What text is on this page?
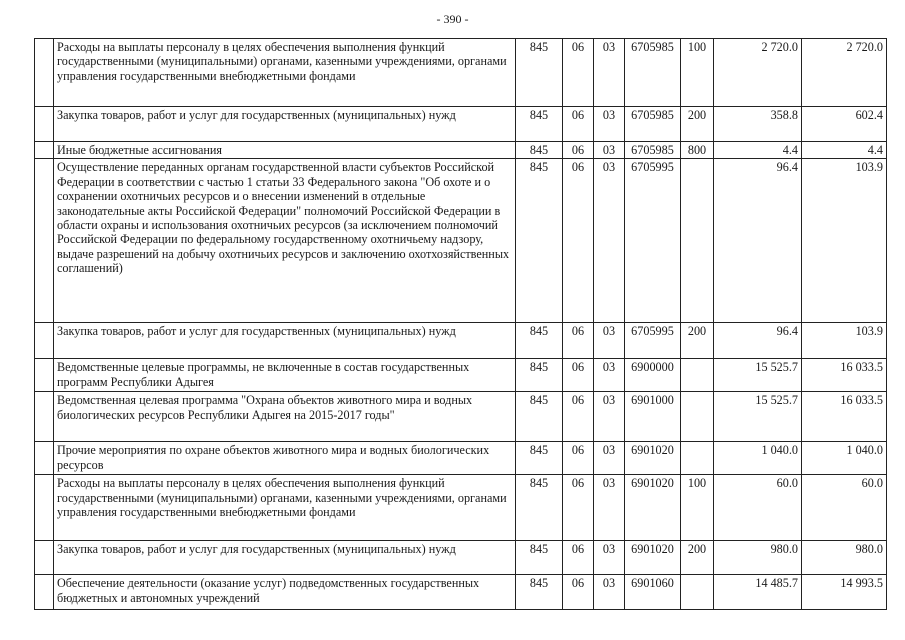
- 390 -
	Расходы на выплаты персоналу в целях обеспечения выполнения функций государственными (муниципальными) органами, казенными учреждениями, органами управления государственными внебюджетными фондами	845	06	03	6705985	100	2 720.0	2 720.0
	Закупка товаров, работ и услуг для государственных (муниципальных) нужд	845	06	03	6705985	200	358.8	602.4
	Иные бюджетные ассигнования	845	06	03	6705985	800	4.4	4.4
	Осуществление переданных органам государственной власти субъектов Российской Федерации в соответствии с частью 1 статьи 33 Федерального закона "Об охоте и о сохранении охотничьих ресурсов и о внесении изменений в отдельные законодательные акты Российской Федерации" полномочий Российской Федерации в области охраны и использования охотничьих ресурсов (за исключением полномочий Российской Федерации по федеральному государственному охотничьему надзору, выдаче разрешений на добычу охотничьих ресурсов и заключению охотхозяйственных соглашений)	845	06	03	6705995		96.4	103.9
	Закупка товаров, работ и услуг для государственных (муниципальных) нужд	845	06	03	6705995	200	96.4	103.9
	Ведомственные целевые программы, не включенные в состав государственных программ Республики Адыгея	845	06	03	6900000		15 525.7	16 033.5
	Ведомственная целевая программа "Охрана объектов животного мира и водных биологических ресурсов Республики Адыгея на 2015-2017 годы"	845	06	03	6901000		15 525.7	16 033.5
	Прочие мероприятия по охране объектов животного мира и водных биологических ресурсов	845	06	03	6901020		1 040.0	1 040.0
	Расходы на выплаты персоналу в целях обеспечения выполнения функций государственными (муниципальными) органами, казенными учреждениями, органами управления государственными внебюджетными фондами	845	06	03	6901020	100	60.0	60.0
	Закупка товаров, работ и услуг для государственных (муниципальных) нужд	845	06	03	6901020	200	980.0	980.0
	Обеспечение деятельности (оказание услуг) подведомственных государственных бюджетных и автономных учреждений	845	06	03	6901060		14 485.7	14 993.5
